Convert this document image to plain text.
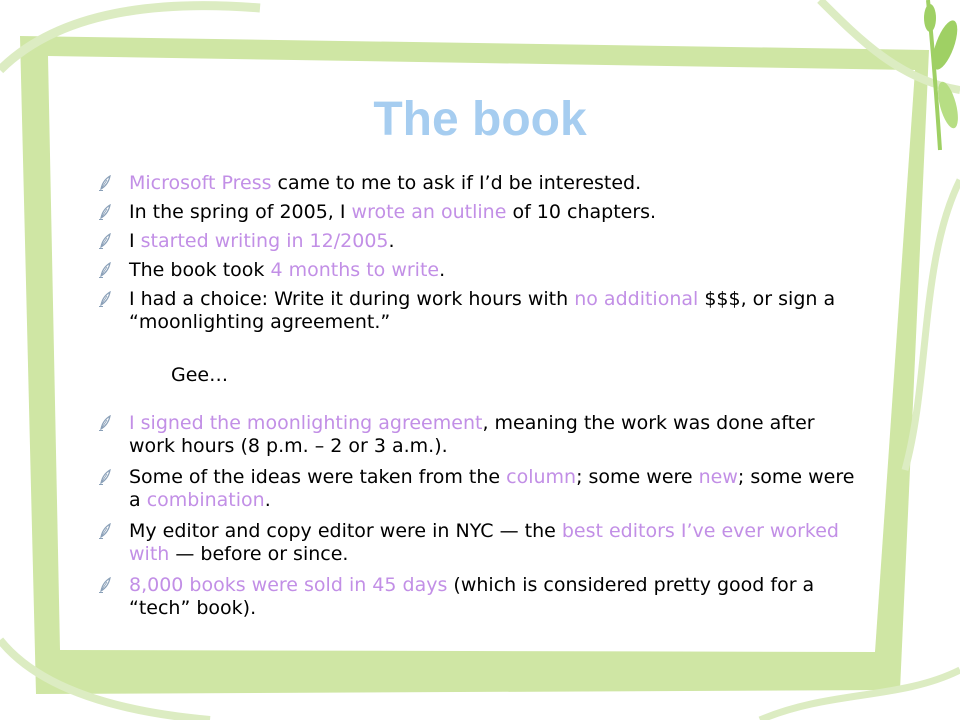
The book
Microsoft Press came to me to ask if I’d be interested.
In the spring of 2005, I wrote an outline of 10 chapters.
I started writing in 12/2005.
The book took 4 months to write.
I had a choice: Write it during work hours with no additional $$$, or sign a “moonlighting agreement.”
I signed the moonlighting agreement, meaning the work was done after work hours (8 p.m. – 2 or 3 a.m.).
Some of the ideas were taken from the column; some were new; some were a combination.
My editor and copy editor were in NYC — the best editors I’ve ever worked with — before or since.
8,000 books were sold in 45 days (which is considered pretty good for a “tech” book).
Gee…
